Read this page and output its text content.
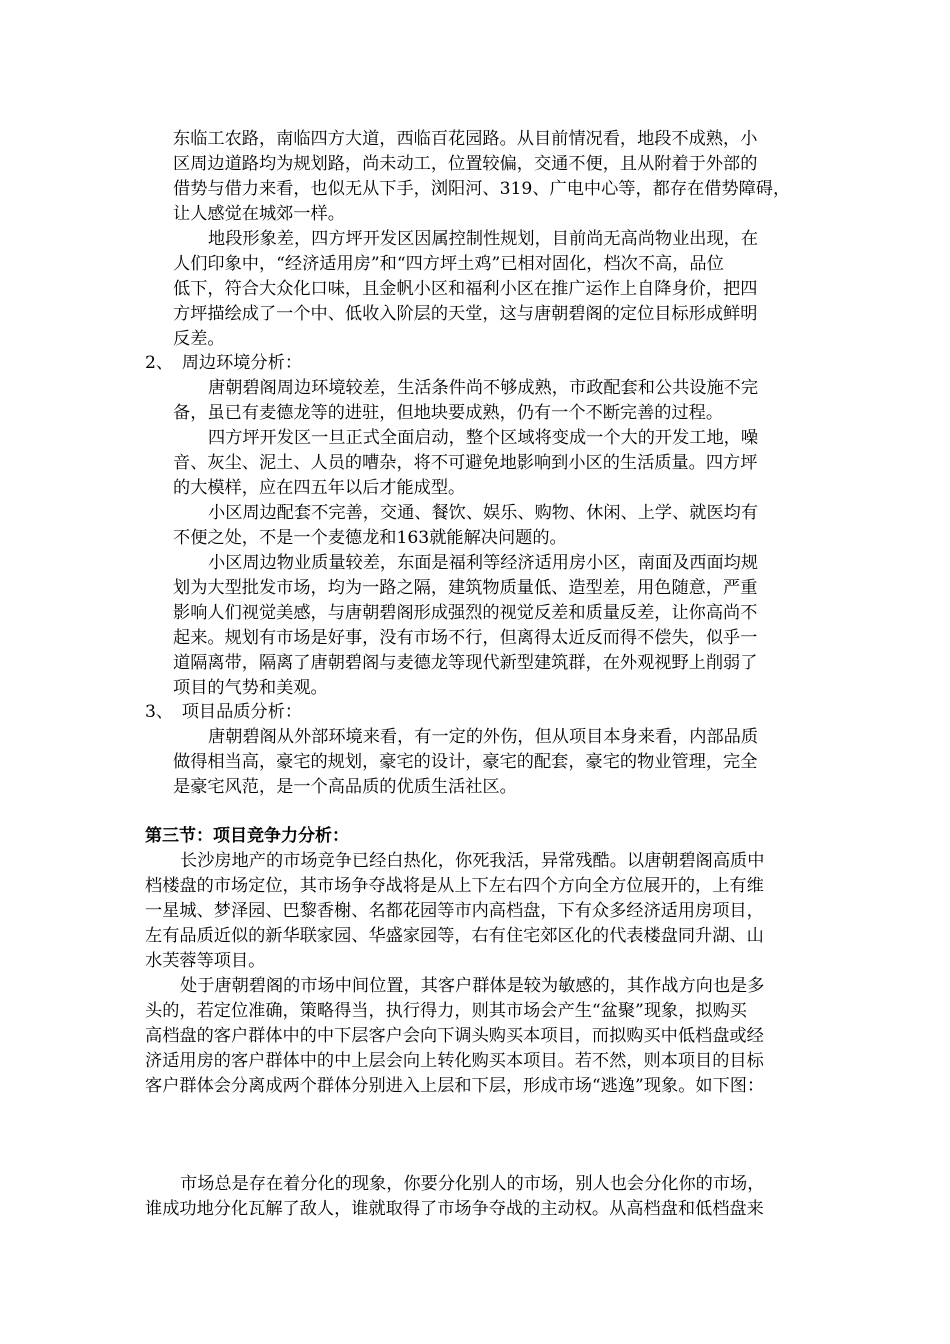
东临工农路，南临四方大道，西临百花园路。从目前情况看，地段不成熟，小
区周边道路均为规划路，尚未动工，位置较偏，交通不便，且从附着于外部的
借势与借力来看，也似无从下手，浏阳河、319、广电中心等，都存在借势障碍，
让人感觉在城郊一样。
地段形象差，四方坪开发区因属控制性规划，目前尚无高尚物业出现，在
人们印象中，“经济适用房”和“四方坪土鸡”已相对固化，档次不高，品位
低下，符合大众化口味，且金帆小区和福利小区在推广运作上自降身价，把四
方坪描绘成了一个中、低收入阶层的天堂，这与唐朝碧阁的定位目标形成鲜明
反差。
2、　周边环境分析：
唐朝碧阁周边环境较差，生活条件尚不够成熟，市政配套和公共设施不完
备，虽已有麦德龙等的进驻，但地块要成熟，仍有一个不断完善的过程。
四方坪开发区一旦正式全面启动，整个区域将变成一个大的开发工地，噪
音、灰尘、泥土、人员的嘈杂，将不可避免地影响到小区的生活质量。四方坪
的大模样，应在四五年以后才能成型。
小区周边配套不完善，交通、餐饮、娱乐、购物、休闲、上学、就医均有
不便之处，不是一个麦德龙和163就能解决问题的。
小区周边物业质量较差，东面是福利等经济适用房小区，南面及西面均规
划为大型批发市场，均为一路之隔，建筑物质量低、造型差，用色随意，严重
影响人们视觉美感，与唐朝碧阁形成强烈的视觉反差和质量反差，让你高尚不
起来。规划有市场是好事，没有市场不行，但离得太近反而得不偿失，似乎一
道隔离带，隔离了唐朝碧阁与麦德龙等现代新型建筑群，在外观视野上削弱了
项目的气势和美观。
3、　项目品质分析：
唐朝碧阁从外部环境来看，有一定的外伤，但从项目本身来看，内部品质
做得相当高，豪宅的规划，豪宅的设计，豪宅的配套，豪宅的物业管理，完全
是豪宅风范，是一个高品质的优质生活社区。
第三节：项目竞争力分析：
长沙房地产的市场竞争已经白热化，你死我活，异常残酷。以唐朝碧阁高质中
档楼盘的市场定位，其市场争夺战将是从上下左右四个方向全方位展开的，上有维
一星城、梦泽园、巴黎香榭、名都花园等市内高档盘，下有众多经济适用房项目，
左有品质近似的新华联家园、华盛家园等，右有住宅郊区化的代表楼盘同升湖、山
水芙蓉等项目。
处于唐朝碧阁的市场中间位置，其客户群体是较为敏感的，其作战方向也是多
头的，若定位准确，策略得当，执行得力，则其市场会产生“盆聚”现象，拟购买
高档盘的客户群体中的中下层客户会向下调头购买本项目，而拟购买中低档盘或经
济适用房的客户群体中的中上层会向上转化购买本项目。若不然，则本项目的目标
客户群体会分离成两个群体分别进入上层和下层，形成市场“逃逸”现象。如下图：
市场总是存在着分化的现象，你要分化别人的市场，别人也会分化你的市场，
谁成功地分化瓦解了敌人，谁就取得了市场争夺战的主动权。从高档盘和低档盘来
